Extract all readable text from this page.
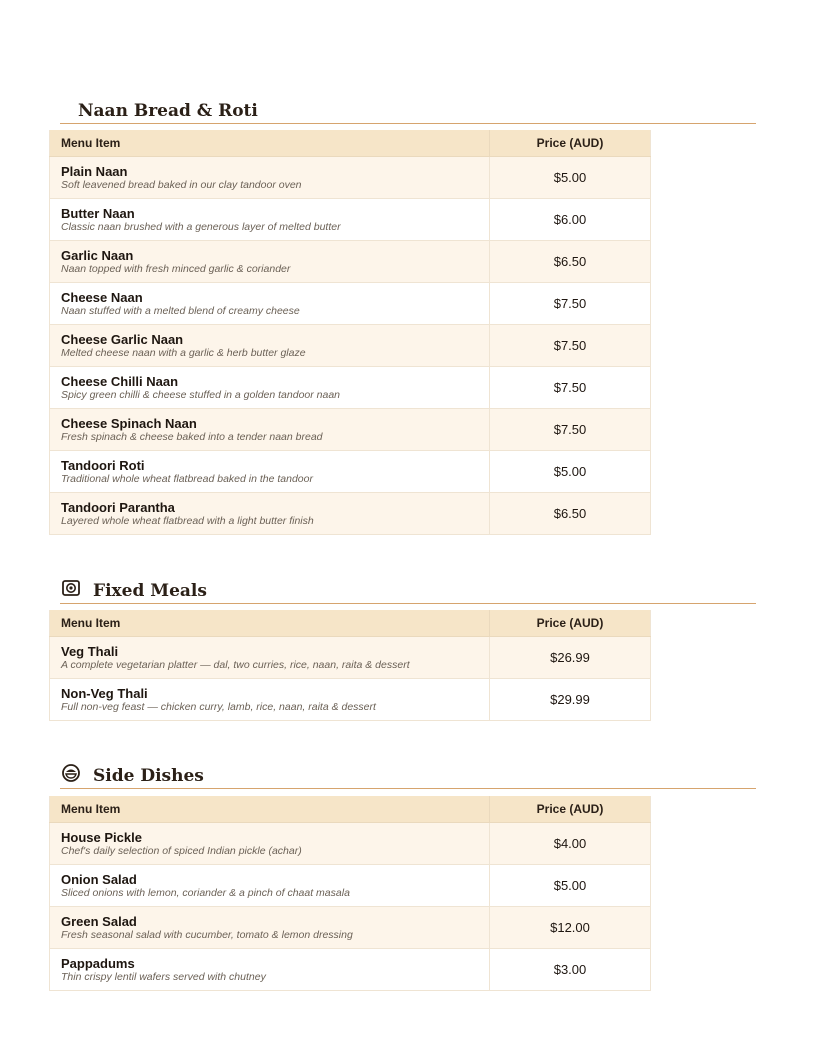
Naan Bread & Roti
Menu Item	Price (AUD)

Plain Naan
Soft leavened bread baked in our clay tandoor oven	$5.00

Butter Naan
Classic naan brushed with a generous layer of melted butter	$6.00

Garlic Naan
Naan topped with fresh minced garlic & coriander	$6.50

Cheese Naan
Naan stuffed with a melted blend of creamy cheese	$7.50

Cheese Garlic Naan
Melted cheese naan with a garlic & herb butter glaze	$7.50

Cheese Chilli Naan
Spicy green chilli & cheese stuffed in a golden tandoor naan	$7.50

Cheese Spinach Naan
Fresh spinach & cheese baked into a tender naan bread	$7.50

Tandoori Roti
Traditional whole wheat flatbread baked in the tandoor	$5.00

Tandoori Parantha
Layered whole wheat flatbread with a light butter finish	$6.50
Fixed Meals
Menu Item	Price (AUD)

Veg Thali
A complete vegetarian platter — dal, two curries, rice, naan, raita & dessert	$26.99

Non-Veg Thali
Full non-veg feast — chicken curry, lamb, rice, naan, raita & dessert	$29.99
Side Dishes
Menu Item	Price (AUD)

House Pickle
Chef's daily selection of spiced Indian pickle (achar)	$4.00

Onion Salad
Sliced onions with lemon, coriander & a pinch of chaat masala	$5.00

Green Salad
Fresh seasonal salad with cucumber, tomato & lemon dressing	$12.00

Pappadums
Thin crispy lentil wafers served with chutney	$3.00
